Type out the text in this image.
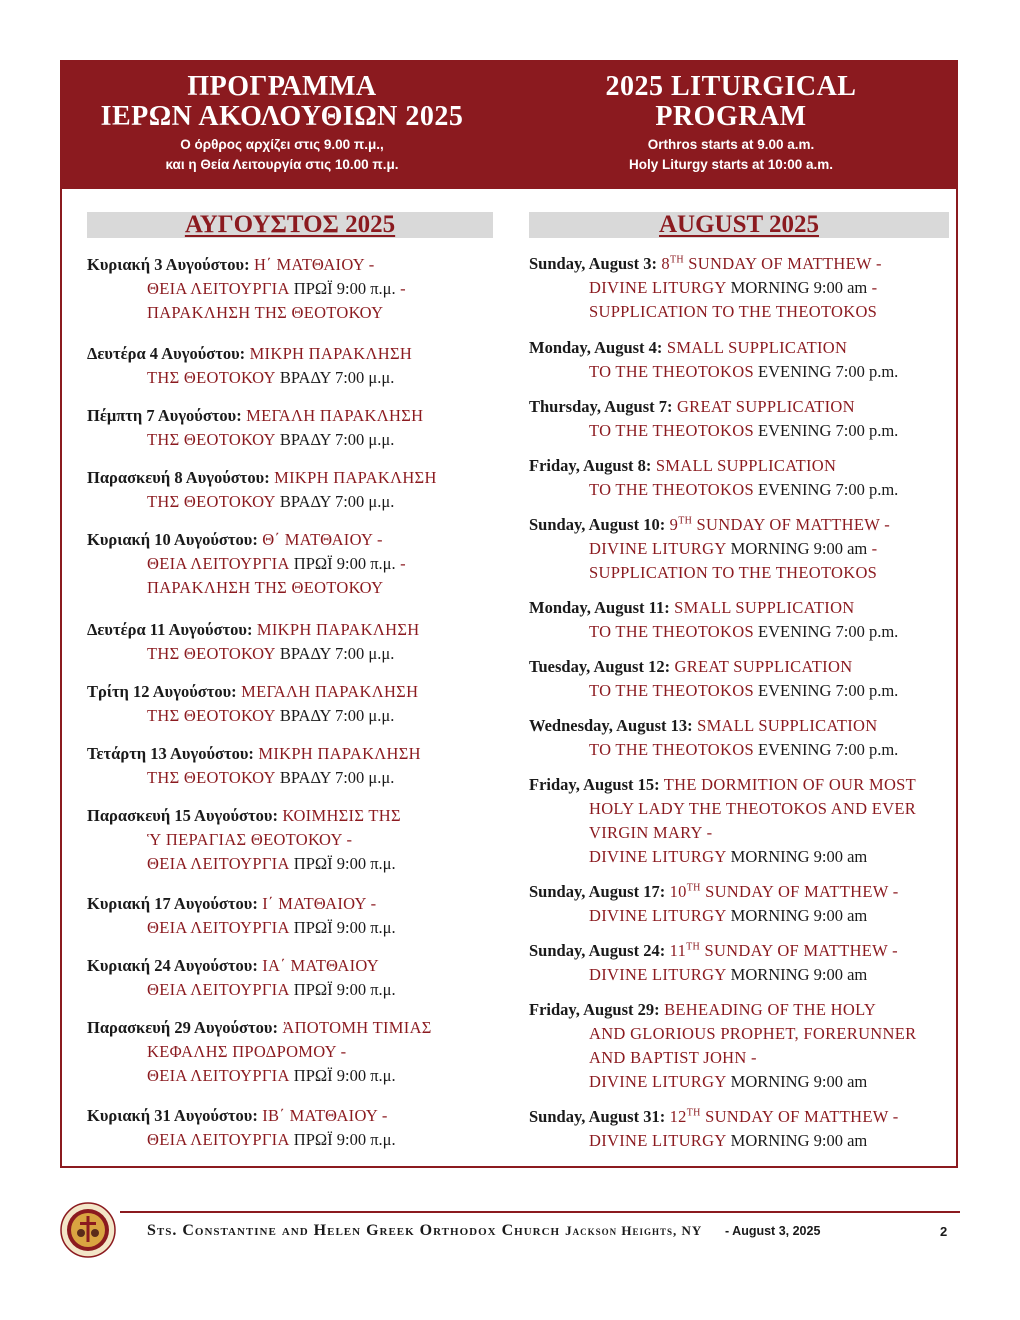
ΠΡΟΓΡΑΜΜΑ
ΙΕΡΩΝ ΑΚΟΛΟΥΘΙΩΝ 2025
Ο όρθρος αρχίζει στις 9.00 π.μ.,
και η Θεία Λειτουργία στις 10.00 π.μ.
2025 LITURGICAL
PROGRAM
Orthros starts at 9.00 a.m.
Holy Liturgy starts at 10:00 a.m.
ΑΥΓΟΥΣΤΟΣ 2025	AUGUST 2025
Κυριακή 3 Αυγούστου: Η΄ ΜΑΤΘΑΙΟΥ -
ΘΕΙΑ ΛΕΙΤΟΥΡΓΙΑ ΠΡΩΪ 9:00 π.μ. -
ΠΑΡΑΚΛΗΣΗ ΤΗΣ ΘΕΟΤΟΚΟΥ
Δευτέρα 4 Αυγούστου: ΜΙΚΡΗ ΠΑΡΑΚΛΗΣΗ
ΤΗΣ ΘΕΟΤΟΚΟΥ ΒΡΑΔΥ 7:00 μ.μ.
Πέμπτη 7 Αυγούστου: ΜΕΓΑΛΗ ΠΑΡΑΚΛΗΣΗ
ΤΗΣ ΘΕΟΤΟΚΟΥ ΒΡΑΔΥ 7:00 μ.μ.
Παρασκευή 8 Αυγούστου: ΜΙΚΡΗ ΠΑΡΑΚΛΗΣΗ
ΤΗΣ ΘΕΟΤΟΚΟΥ ΒΡΑΔΥ 7:00 μ.μ.
Κυριακή 10 Αυγούστου: Θ΄ ΜΑΤΘΑΙΟΥ -
ΘΕΙΑ ΛΕΙΤΟΥΡΓΙΑ ΠΡΩΪ 9:00 π.μ. -
ΠΑΡΑΚΛΗΣΗ ΤΗΣ ΘΕΟΤΟΚΟΥ
Δευτέρα 11 Αυγούστου: ΜΙΚΡΗ ΠΑΡΑΚΛΗΣΗ
ΤΗΣ ΘΕΟΤΟΚΟΥ ΒΡΑΔΥ 7:00 μ.μ.
Τρίτη 12 Αυγούστου: ΜΕΓΑΛΗ ΠΑΡΑΚΛΗΣΗ
ΤΗΣ ΘΕΟΤΟΚΟΥ ΒΡΑΔΥ 7:00 μ.μ.
Τετάρτη 13 Αυγούστου: ΜΙΚΡΗ ΠΑΡΑΚΛΗΣΗ
ΤΗΣ ΘΕΟΤΟΚΟΥ ΒΡΑΔΥ 7:00 μ.μ.
Παρασκευή 15 Αυγούστου: ΚΟΙΜΗΣΙΣ ΤΗΣ
Ὑ ΠΕΡΑΓΙΑΣ ΘΕΟΤΟΚΟΥ -
ΘΕΙΑ ΛΕΙΤΟΥΡΓΙΑ ΠΡΩΪ 9:00 π.μ.
Κυριακή 17 Αυγούστου: Ι΄ ΜΑΤΘΑΙΟΥ -
ΘΕΙΑ ΛΕΙΤΟΥΡΓΙΑ ΠΡΩΪ 9:00 π.μ.
Κυριακή 24 Αυγούστου: ΙΑ΄ ΜΑΤΘΑΙΟΥ
ΘΕΙΑ ΛΕΙΤΟΥΡΓΙΑ ΠΡΩΪ 9:00 π.μ.
Παρασκευή 29 Αυγούστου: ἈΠΟΤΟΜΗ ΤΙΜΙΑΣ
ΚΕΦΑΛΗΣ ΠΡΟΔΡΟΜΟΥ -
ΘΕΙΑ ΛΕΙΤΟΥΡΓΙΑ ΠΡΩΪ 9:00 π.μ.
Κυριακή 31 Αυγούστου: ΙΒ΄ ΜΑΤΘΑΙΟΥ -
ΘΕΙΑ ΛΕΙΤΟΥΡΓΙΑ ΠΡΩΪ 9:00 π.μ.
Sunday, August 3: 8TH SUNDAY OF MATTHEW -
DIVINE LITURGY MORNING 9:00 am -
SUPPLICATION TO THE THEOTOKOS
Monday, August 4: SMALL SUPPLICATION
TO THE THEOTOKOS EVENING 7:00 p.m.
Thursday, August 7: GREAT SUPPLICATION
TO THE THEOTOKOS EVENING 7:00 p.m.
Friday, August 8: SMALL SUPPLICATION
TO THE THEOTOKOS EVENING 7:00 p.m.
Sunday, August 10: 9TH SUNDAY OF MATTHEW -
DIVINE LITURGY MORNING 9:00 am -
SUPPLICATION TO THE THEOTOKOS
Monday, August 11: SMALL SUPPLICATION
TO THE THEOTOKOS EVENING 7:00 p.m.
Tuesday, August 12: GREAT SUPPLICATION
TO THE THEOTOKOS EVENING 7:00 p.m.
Wednesday, August 13: SMALL SUPPLICATION
TO THE THEOTOKOS EVENING 7:00 p.m.
Friday, August 15: THE DORMITION OF OUR MOST
HOLY LADY THE THEOTOKOS AND EVER
VIRGIN MARY -
DIVINE LITURGY MORNING 9:00 am
Sunday, August 17: 10TH SUNDAY OF MATTHEW -
DIVINE LITURGY MORNING 9:00 am
Sunday, August 24: 11TH SUNDAY OF MATTHEW -
DIVINE LITURGY MORNING 9:00 am
Friday, August 29: BEHEADING OF THE HOLY
AND GLORIOUS PROPHET, FORERUNNER
AND BAPTIST JOHN -
DIVINE LITURGY MORNING 9:00 am
Sunday, August 31: 12TH SUNDAY OF MATTHEW -
DIVINE LITURGY MORNING 9:00 am
Sts. Constantine and Helen Greek Orthodox Church Jackson Heights, NY - August 3, 2025	2
